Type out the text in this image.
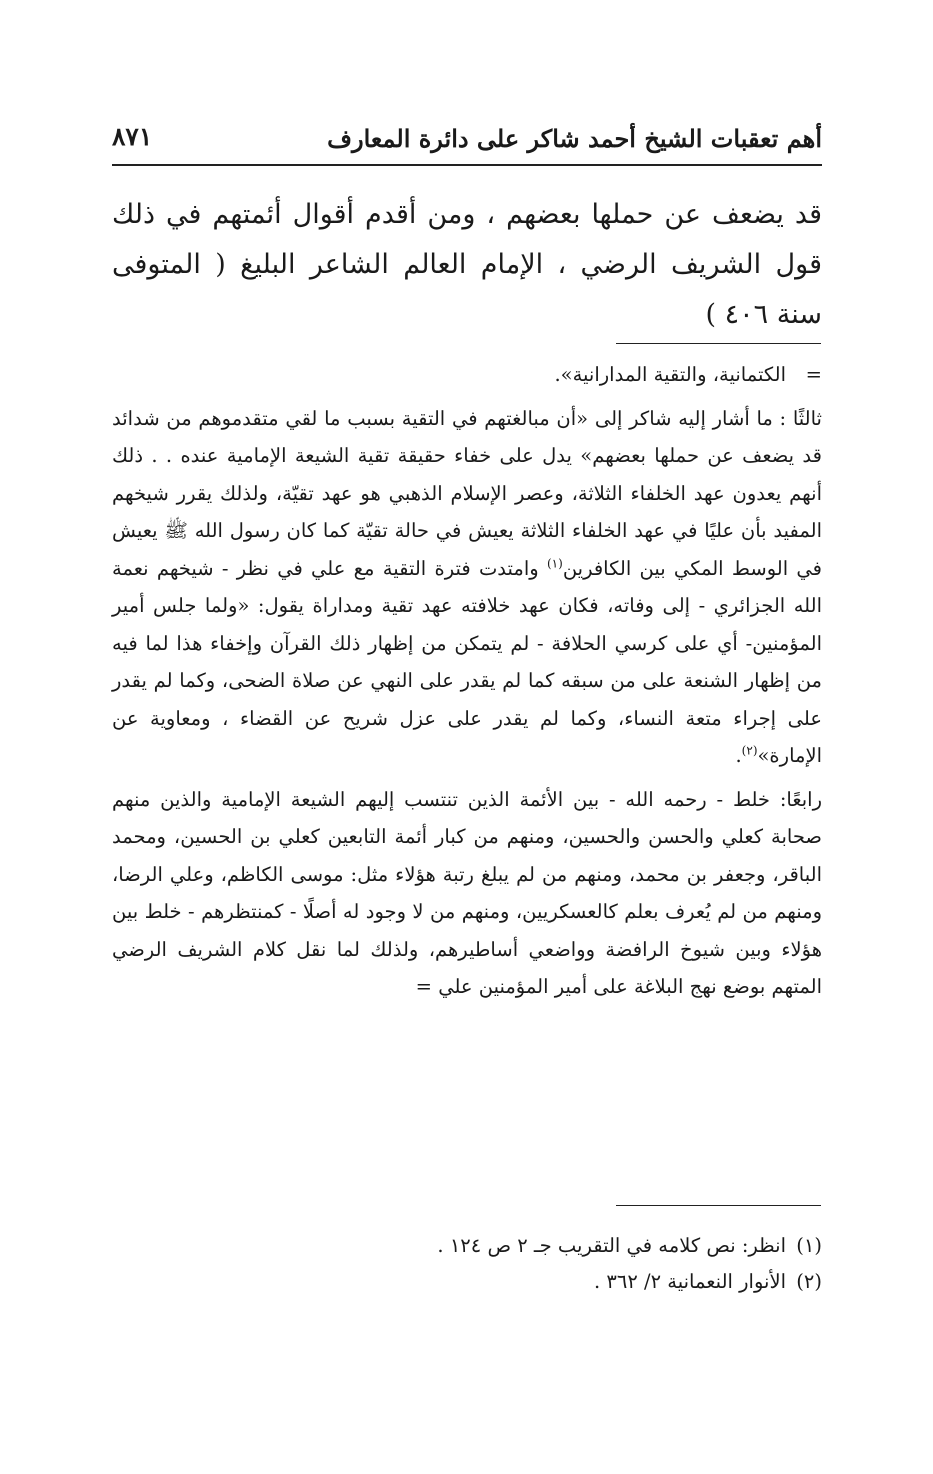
أهم تعقبات الشيخ أحمد شاكر على دائرة المعارف
٨٧١

قد يضعف عن حملها بعضهم ، ومن أقدم أقوال أئمتهم في ذلك قول الشريف الرضي ، الإمام العالم الشاعر البليغ ( المتوفى سنة ٤٠٦ )

=
الكتمانية، والتقية المدارانية».

ثالثًا : ما أشار إليه شاكر إلى «أن مبالغتهم في التقية بسبب ما لقي متقدموهم من شدائد قد يضعف عن حملها بعضهم» يدل على خفاء حقيقة تقية الشيعة الإمامية عنده . . ذلك أنهم يعدون عهد الخلفاء الثلاثة، وعصر الإسلام الذهبي هو عهد تقيّة، ولذلك يقرر شيخهم المفيد بأن عليًا في عهد الخلفاء الثلاثة يعيش في حالة تقيّة كما كان رسول الله ﷺ يعيش في الوسط المكي بين الكافرين$^{(١)}$ وامتدت فترة التقية مع علي في نظر - شيخهم نعمة الله الجزائري - إلى وفاته، فكان عهد خلافته عهد تقية ومداراة يقول: «ولما جلس أمير المؤمنين- أي على كرسي الحلافة - لم يتمكن من إظهار ذلك القرآن وإخفاء هذا لما فيه من إظهار الشنعة على من سبقه كما لم يقدر على النهي عن صلاة الضحى، وكما لم يقدر على إجراء متعة النساء، وكما لم يقدر على عزل شريح عن القضاء ، ومعاوية عن الإمارة»$^{(٢)}$.

رابعًا: خلط - رحمه الله - بين الأئمة الذين تنتسب إليهم الشيعة الإمامية والذين منهم صحابة كعلي والحسن والحسين، ومنهم من كبار أئمة التابعين كعلي بن الحسين، ومحمد الباقر، وجعفر بن محمد، ومنهم من لم يبلغ رتبة هؤلاء مثل: موسى الكاظم، وعلي الرضا، ومنهم من لم يُعرف بعلم كالعسكريين، ومنهم من لا وجود له أصلًا - كمنتظرهم - خلط بين هؤلاء وبين شيوخ الرافضة وواضعي أساطيرهم، ولذلك لما نقل كلام الشريف الرضي المتهم بوضع نهج البلاغة على أمير المؤمنين علي =

(١)انظر: نص كلامه في التقريب جـ ٢ ص ١٢٤ .

(٢)الأنوار النعمانية ٢/ ٣٦٢ .
